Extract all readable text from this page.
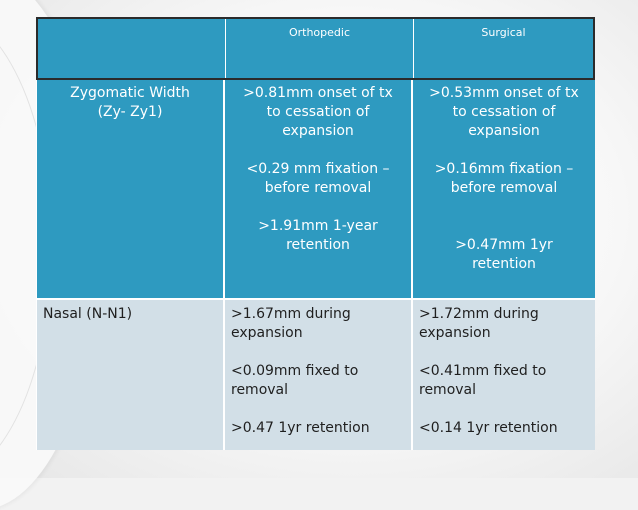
Orthopedic	Surgical

Zygomatic Width

(Zy- Zy1)

>0.81mm onset of tx

to cessation of

expansion

<0.29 mm fixation –

before removal

>1.91mm 1-year

retention

>0.53mm onset of tx

to cessation of

expansion

>0.16mm fixation –

before removal

>0.47mm 1yr

retention

Nasal (N-N1)	>1.67mm during

expansion

<0.09mm fixed to

removal

>0.47 1yr retention

>1.72mm during

expansion

<0.41mm fixed to

removal

<0.14 1yr retention
